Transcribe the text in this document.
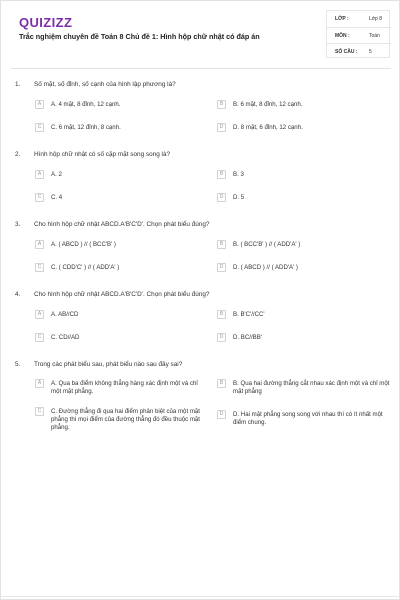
QUIZIZZ
Trắc nghiệm chuyên đề Toán 8 Chủ đề 1: Hình hộp chữ nhật có đáp án
LỚP :	Lớp 8
MÔN :	Toán
SỐ CÂU : 5
1. Số mặt, số đỉnh, số cạnh của hình lập phương là?
A	A. 4 mặt, 8 đỉnh, 12 cạnh.	B	B. 6 mặt, 8 đỉnh, 12 cạnh.
C	C. 6 mặt, 12 đỉnh, 8 cạnh.	D	D. 8 mặt, 6 đỉnh, 12 cạnh.
2. Hình hộp chữ nhật có số cặp mặt song song là?
A	A. 2	B	B. 3
C	C. 4	D	D. 5
3. Cho hình hộp chữ nhật ABCD.A'B'C'D'. Chọn phát biểu đúng?
A	A. ( ABCD ) // ( BCC'B' )	B	B. ( BCC'B' ) // ( ADD'A' )
C	C. ( CDD'C' ) // ( ADD'A' )	D	D. ( ABCD ) // ( ADD'A' )
4. Cho hình hộp chữ nhật ABCD.A'B'C'D'. Chọn phát biểu đúng?
A	A. AB//CD	B	B. B'C'//CC'
C	C. CD//AD	D	D. BC//BB'
5. Trong các phát biểu sau, phát biểu nào sau đây sai?
A	A. Qua ba điểm không thẳng hàng xác định một và chỉ một mặt phẳng.
B	B. Qua hai đường thẳng cắt nhau xác định một và chỉ một mặt phẳng
C	C. Đường thẳng đi qua hai điểm phân biệt của một mặt phẳng thì mọi điểm của đường thẳng đó đều thuộc mặt phẳng.
D	D. Hai mặt phẳng song song với nhau thì có ít nhất một điểm chung.
